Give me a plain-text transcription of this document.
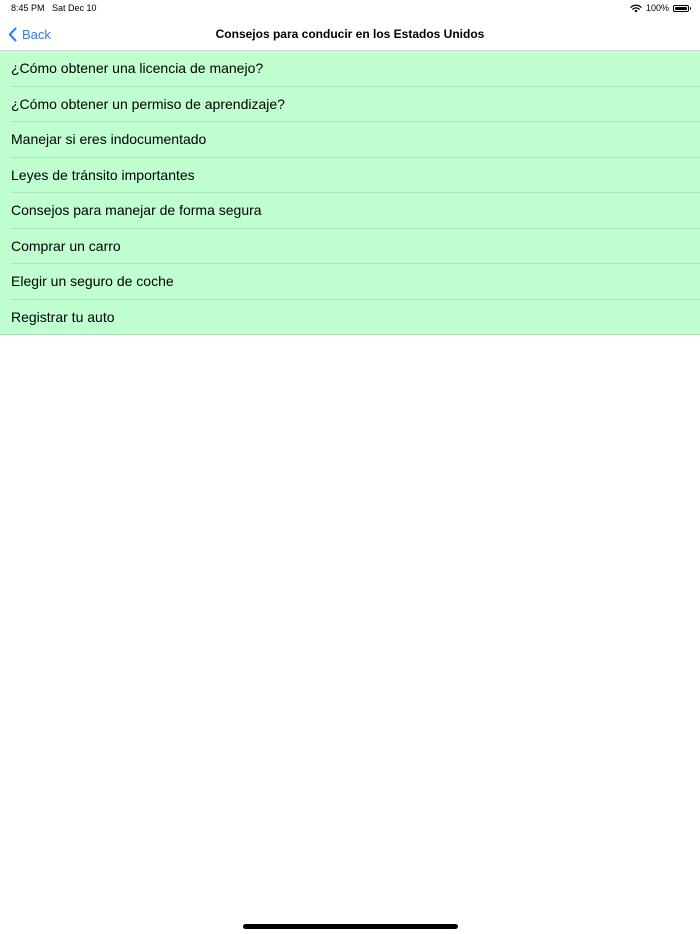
8:45 PM Sat Dec 10	100%
Back	Consejos para conducir en los Estados Unidos
¿Cómo obtener una licencia de manejo?
¿Cómo obtener un permiso de aprendizaje?
Manejar si eres indocumentado
Leyes de tránsito importantes
Consejos para manejar de forma segura
Comprar un carro
Elegir un seguro de coche
Registrar tu auto
